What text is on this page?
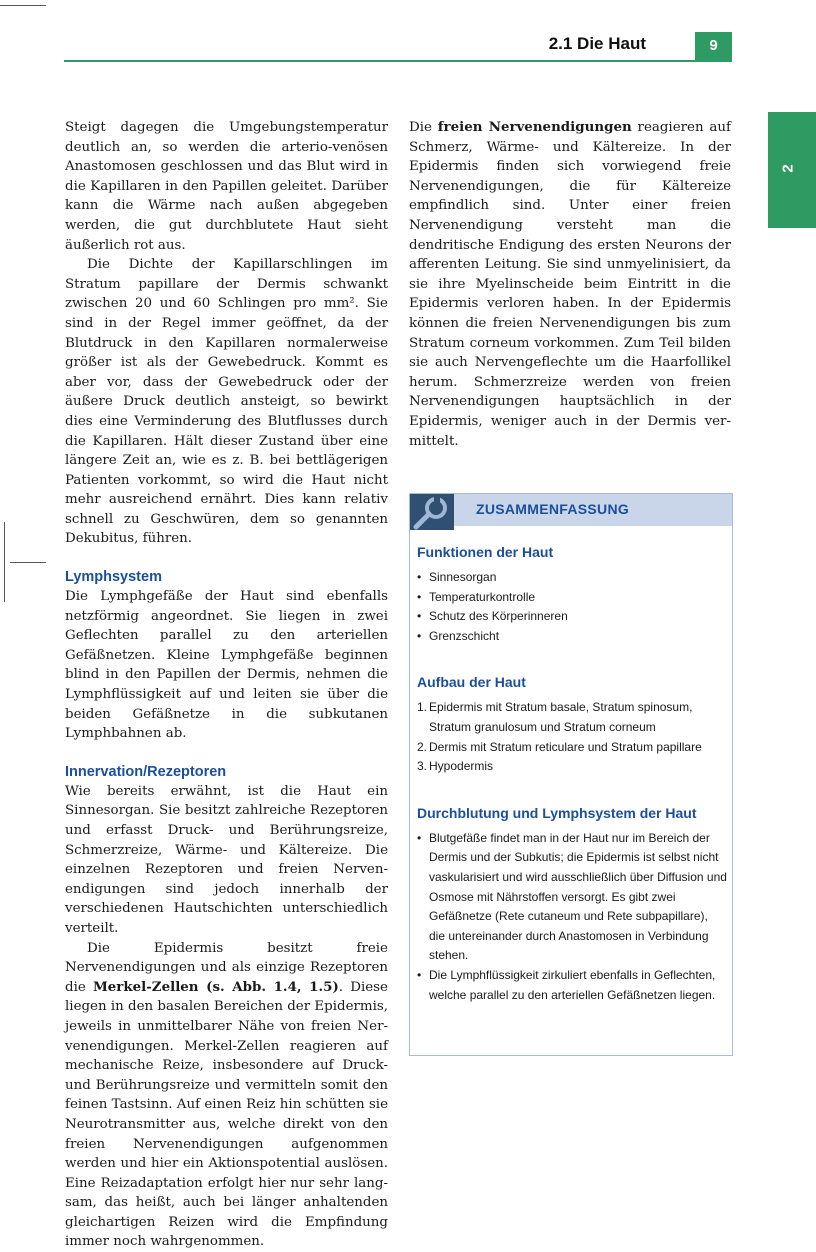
2.1 Die Haut	9
2

Steigt dagegen die Umgebungstemperatur deutlich an, so werden die arterio-venösen Anastomosen geschlossen und das Blut wird in die Kapillaren in den Papillen geleitet. Darüber kann die Wärme nach außen abgegeben werden, die gut durchblutete Haut sieht äußerlich rot aus.

Die Dichte der Kapillarschlingen im Stratum papillare der Dermis schwankt zwischen 20 und 60 Schlingen pro mm². Sie sind in der Regel immer geöffnet, da der Blutdruck in den Kapillaren normalerweise größer ist als der Gewebedruck. Kommt es aber vor, dass der Gewebedruck oder der äußere Druck deutlich ansteigt, so bewirkt dies eine Verminderung des Blutflusses durch die Kapillaren. Hält dieser Zustand über eine längere Zeit an, wie es z. B. bei bettlägerigen Patienten vorkommt, so wird die Haut nicht mehr ausreichend ernährt. Dies kann relativ schnell zu Geschwüren, dem so genannten Dekubitus, führen.

Lymphsystem

Die Lymphgefäße der Haut sind ebenfalls netzförmig angeordnet. Sie liegen in zwei Geflechten parallel zu den arteriellen Gefäßnetzen. Kleine Lymphgefäße beginnen blind in den Papillen der Dermis, nehmen die Lymphflüssigkeit auf und leiten sie über die beiden Gefäßnetze in die subkutanen Lymphbahnen ab.

Innervation/Rezeptoren

Wie bereits erwähnt, ist die Haut ein Sinnesorgan. Sie besitzt zahlreiche Rezeptoren und erfasst Druck- und Berührungsreize, Schmerzreize, Wärme- und Kältereize. Die einzelnen Rezeptoren und freien Nervenendigungen sind jedoch innerhalb der verschiedenen Hautschichten unterschiedlich verteilt.

Die Epidermis besitzt freie Nervenendigungen und als einzige Rezeptoren die Merkel-Zellen (s. Abb. 1.4, 1.5). Diese liegen in den basalen Bereichen der Epidermis, jeweils in unmittelbarer Nähe von freien Nervenendigungen. Merkel-Zellen reagieren auf mechanische Reize, insbesondere auf Druck- und Berührungsreize und vermitteln somit den feinen Tastsinn. Auf einen Reiz hin schütten sie Neurotransmitter aus, welche direkt von den freien Nervenendigungen aufgenommen werden und hier ein Aktionspotential auslösen. Eine Reizadaptation erfolgt hier nur sehr langsam, das heißt, auch bei länger anhaltenden gleichartigen Reizen wird die Empfindung immer noch wahrgenommen.

Die freien Nervenendigungen reagieren auf Schmerz, Wärme- und Kältereize. In der Epidermis finden sich vorwiegend freie Nervenendigungen, die für Kältereize empfindlich sind. Unter einer freien Nervenendigung versteht man die dendritische Endigung des ersten Neurons der afferenten Leitung. Sie sind unmyelinisiert, da sie ihre Myelinscheide beim Eintritt in die Epidermis verloren haben. In der Epidermis können die freien Nervenendigungen bis zum Stratum corneum vorkommen. Zum Teil bilden sie auch Nervengeflechte um die Haarfollikel herum. Schmerzreize werden von freien Nervenendigungen hauptsächlich in der Epidermis, weniger auch in der Dermis vermittelt.

ZUSAMMENFASSUNG
Funktionen der Haut
• Sinnesorgan
• Temperaturkontrolle
• Schutz des Körperinneren
• Grenzschicht
Aufbau der Haut
1. Epidermis mit Stratum basale, Stratum spinosum, Stratum granulosum und Stratum corneum
2. Dermis mit Stratum reticulare und Stratum papillare
3. Hypodermis
Durchblutung und Lymphsystem der Haut
• Blutgefäße findet man in der Haut nur im Bereich der Dermis und der Subkutis; die Epidermis ist selbst nicht vaskularisiert und wird ausschließlich über Diffusion und Osmose mit Nährstoffen versorgt. Es gibt zwei Gefäßnetze (Rete cutaneum und Rete subpapillare), die untereinander durch Anastomosen in Verbindung stehen.
• Die Lymphflüssigkeit zirkuliert ebenfalls in Geflechten, welche parallel zu den arteriellen Gefäßnetzen liegen.
